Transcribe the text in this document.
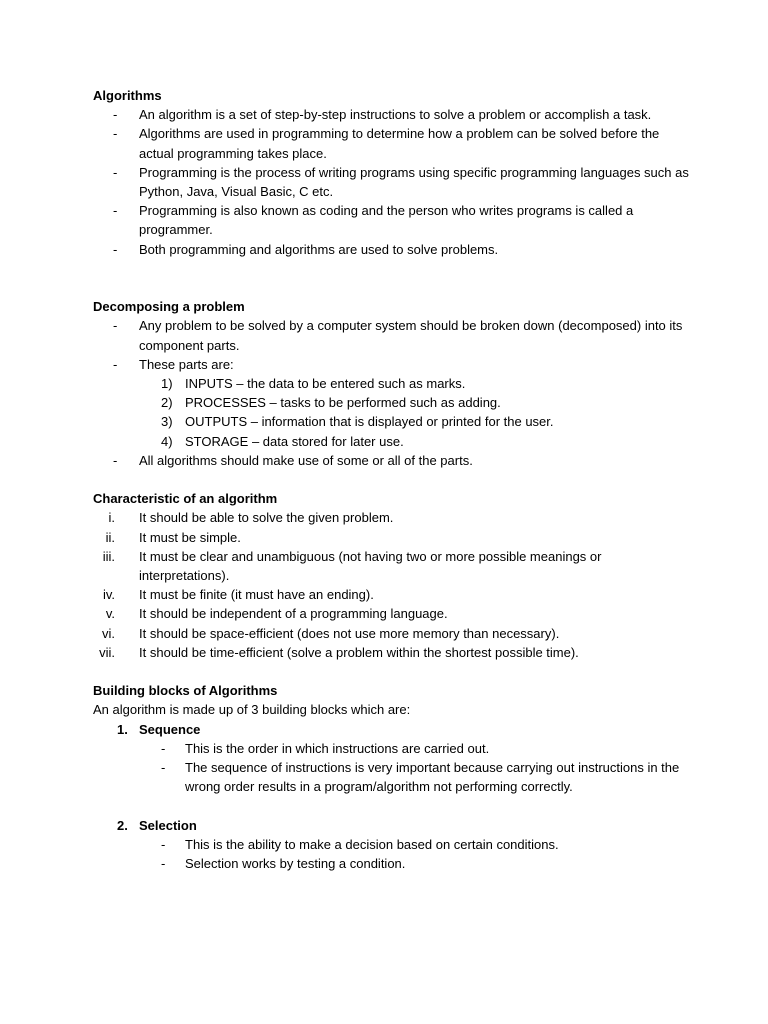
Algorithms

- An algorithm is a set of step-by-step instructions to solve a problem or accomplish a task.
- Algorithms are used in programming to determine how a problem can be solved before the actual programming takes place.
- Programming is the process of writing programs using specific programming languages such as Python, Java, Visual Basic, C etc.
- Programming is also known as coding and the person who writes programs is called a programmer.
- Both programming and algorithms are used to solve problems.

Decomposing a problem

- Any problem to be solved by a computer system should be broken down (decomposed) into its component parts.
- These parts are:
1) INPUTS – the data to be entered such as marks.
2) PROCESSES – tasks to be performed such as adding.
3) OUTPUTS – information that is displayed or printed for the user.
4) STORAGE – data stored for later use.
- All algorithms should make use of some or all of the parts.

Characteristic of an algorithm

i. It should be able to solve the given problem.
ii. It must be simple.
iii. It must be clear and unambiguous (not having two or more possible meanings or interpretations).
iv. It must be finite (it must have an ending).
v. It should be independent of a programming language.
vi. It should be space-efficient (does not use more memory than necessary).
vii. It should be time-efficient (solve a problem within the shortest possible time).

Building blocks of Algorithms

An algorithm is made up of 3 building blocks which are:

1. Sequence
- This is the order in which instructions are carried out.
- The sequence of instructions is very important because carrying out instructions in the wrong order results in a program/algorithm not performing correctly.
2. Selection
- This is the ability to make a decision based on certain conditions.
- Selection works by testing a condition.
